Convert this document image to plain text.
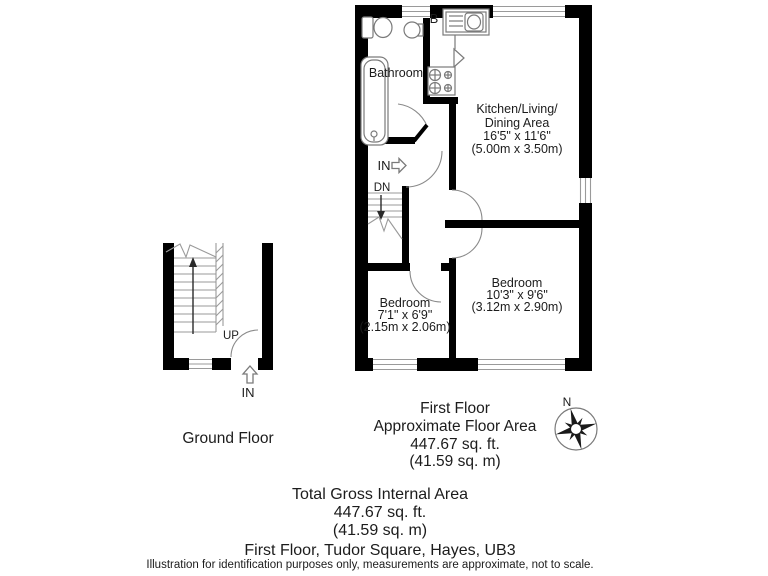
B
Bathroom
Kitchen/Living/
Dining Area
16'5" x 11'6"
(5.00m x 3.50m)
IN
DN
Bedroom
7'1" x 6'9"
(2.15m x 2.06m)
Bedroom
10'3" x 9'6"
(3.12m x 2.90m)
UP
IN
Ground Floor
N
First Floor
Approximate Floor Area
447.67 sq. ft.
(41.59 sq. m)
Total Gross Internal Area
447.67 sq. ft.
(41.59 sq. m)
First Floor, Tudor Square, Hayes, UB3
Illustration for identification purposes only, measurements are approximate, not to scale.
